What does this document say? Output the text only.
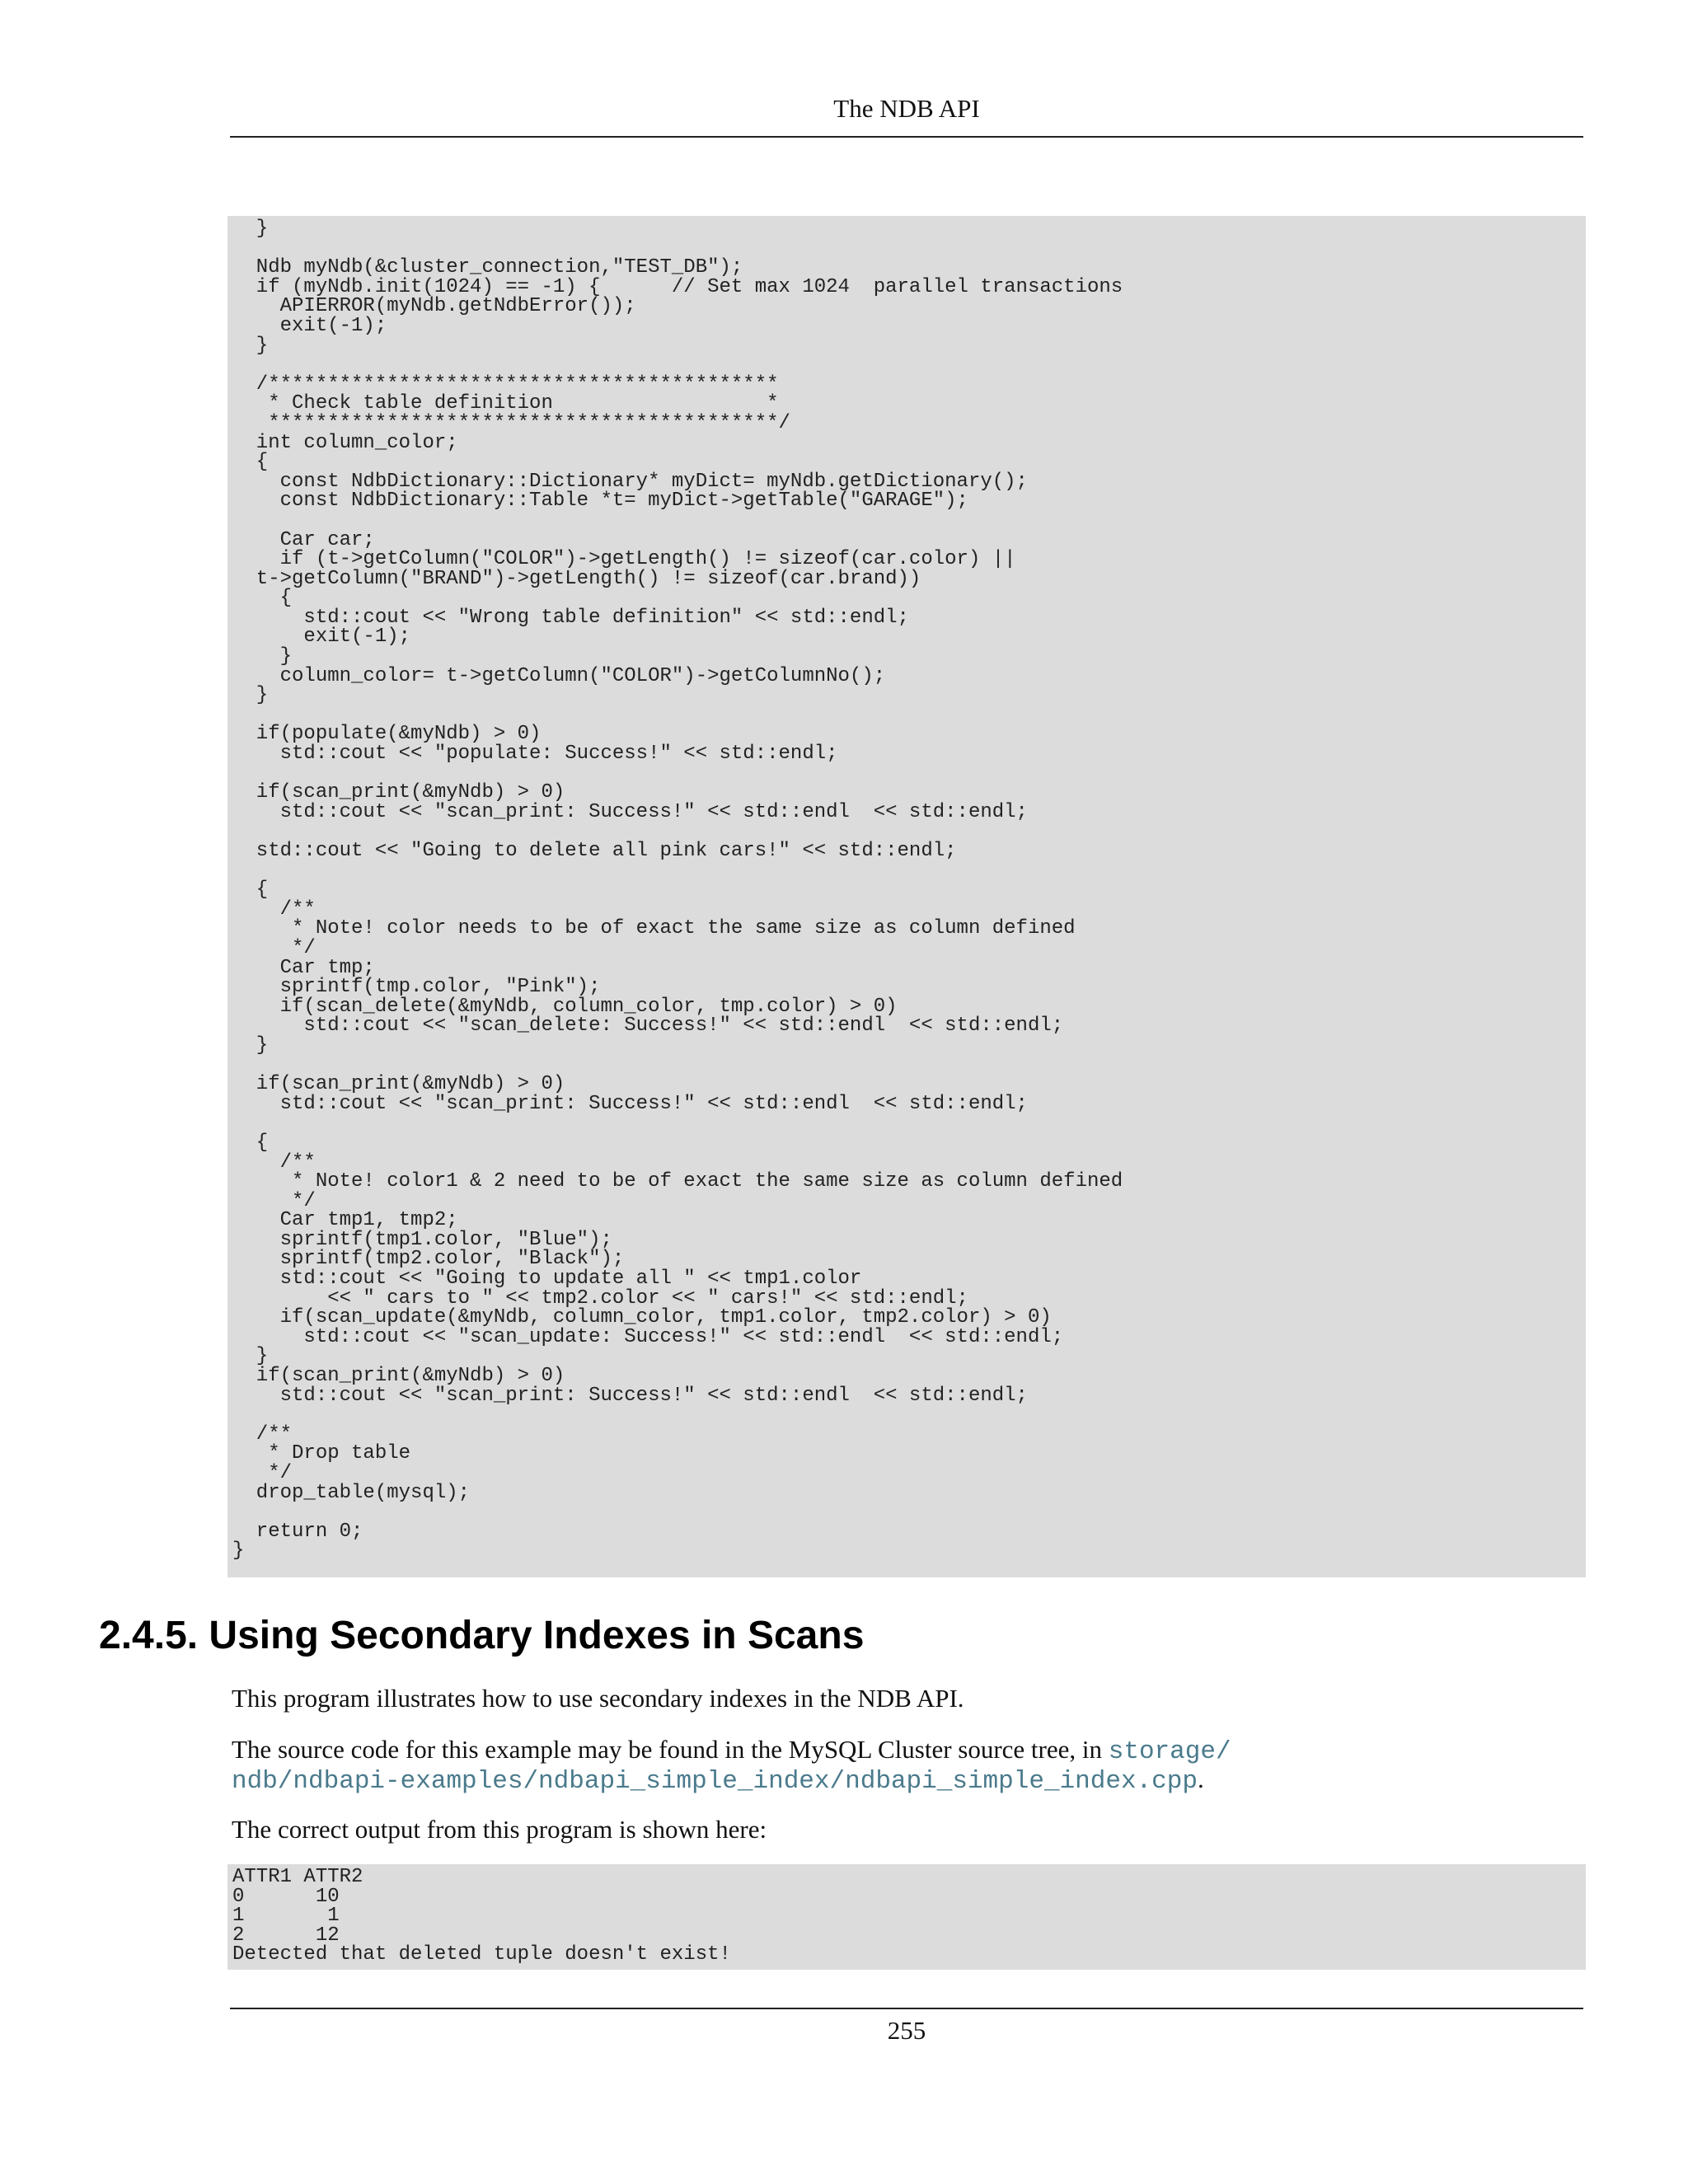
The NDB API
}

Ndb myNdb(&cluster_connection,"TEST_DB");
if (myNdb.init(1024) == -1) {      // Set max 1024  parallel transactions
APIERROR(myNdb.getNdbError());
exit(-1);
}

/*******************************************
* Check table definition                  *
*******************************************/
int column_color;
{
const NdbDictionary::Dictionary* myDict= myNdb.getDictionary();
const NdbDictionary::Table *t= myDict->getTable("GARAGE");

Car car;
if (t->getColumn("COLOR")->getLength() != sizeof(car.color) ||
t->getColumn("BRAND")->getLength() != sizeof(car.brand))
{
std::cout << "Wrong table definition" << std::endl;
exit(-1);
}
column_color= t->getColumn("COLOR")->getColumnNo();
}

if(populate(&myNdb) > 0)
std::cout << "populate: Success!" << std::endl;

if(scan_print(&myNdb) > 0)
std::cout << "scan_print: Success!" << std::endl  << std::endl;

std::cout << "Going to delete all pink cars!" << std::endl;

{
/**
* Note! color needs to be of exact the same size as column defined
*/
Car tmp;
sprintf(tmp.color, "Pink");
if(scan_delete(&myNdb, column_color, tmp.color) > 0)
std::cout << "scan_delete: Success!" << std::endl  << std::endl;
}

if(scan_print(&myNdb) > 0)
std::cout << "scan_print: Success!" << std::endl  << std::endl;

{
/**
* Note! color1 & 2 need to be of exact the same size as column defined
*/
Car tmp1, tmp2;
sprintf(tmp1.color, "Blue");
sprintf(tmp2.color, "Black");
std::cout << "Going to update all " << tmp1.color
<< " cars to " << tmp2.color << " cars!" << std::endl;
if(scan_update(&myNdb, column_color, tmp1.color, tmp2.color) > 0)
std::cout << "scan_update: Success!" << std::endl  << std::endl;
}
if(scan_print(&myNdb) > 0)
std::cout << "scan_print: Success!" << std::endl  << std::endl;

/**
* Drop table
*/
drop_table(mysql);

return 0;
}
2.4.5. Using Secondary Indexes in Scans

This program illustrates how to use secondary indexes in the NDB API.

The source code for this example may be found in the MySQL Cluster source tree, in storage/
ndb/ndbapi-examples/ndbapi_simple_index/ndbapi_simple_index.cpp.

The correct output from this program is shown here:

ATTR1 ATTR2
0      10
1       1
2      12
Detected that deleted tuple doesn't exist!
255
